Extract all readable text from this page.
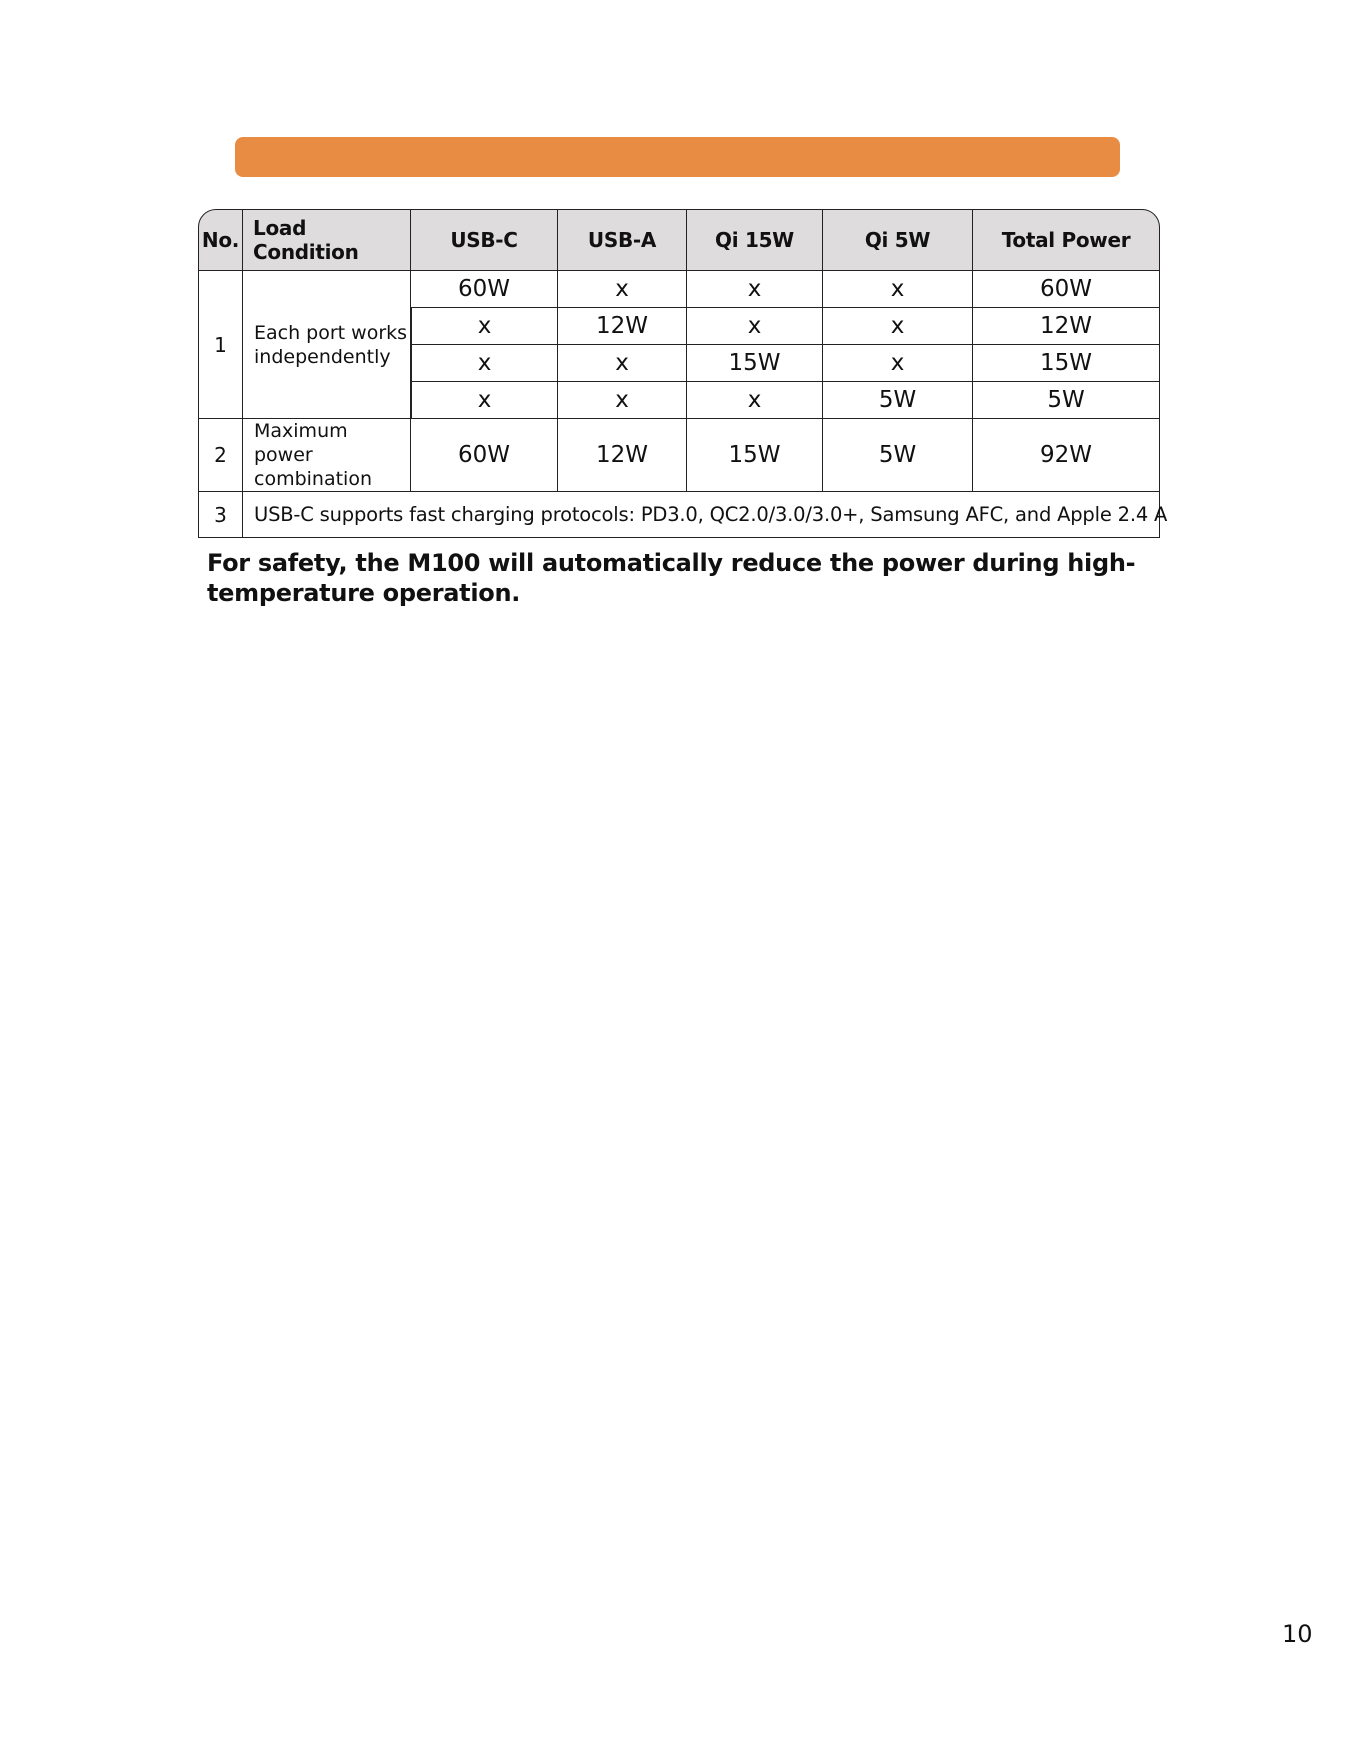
No.	Load Condition	USB-C	USB-A	Qi 15W	Qi 5W	Total Power
1	Each port works independently	60W	x	x	x	60W
		x	12W	x	x	12W
		x	x	15W	x	15W
		x	x	x	5W	5W
2	Maximum power combination	60W	12W	15W	5W	92W
3	USB-C supports fast charging protocols: PD3.0, QC2.0/3.0/3.0+, Samsung AFC, and Apple 2.4 A					
For safety, the M100 will automatically reduce the power during high-temperature operation.
10
